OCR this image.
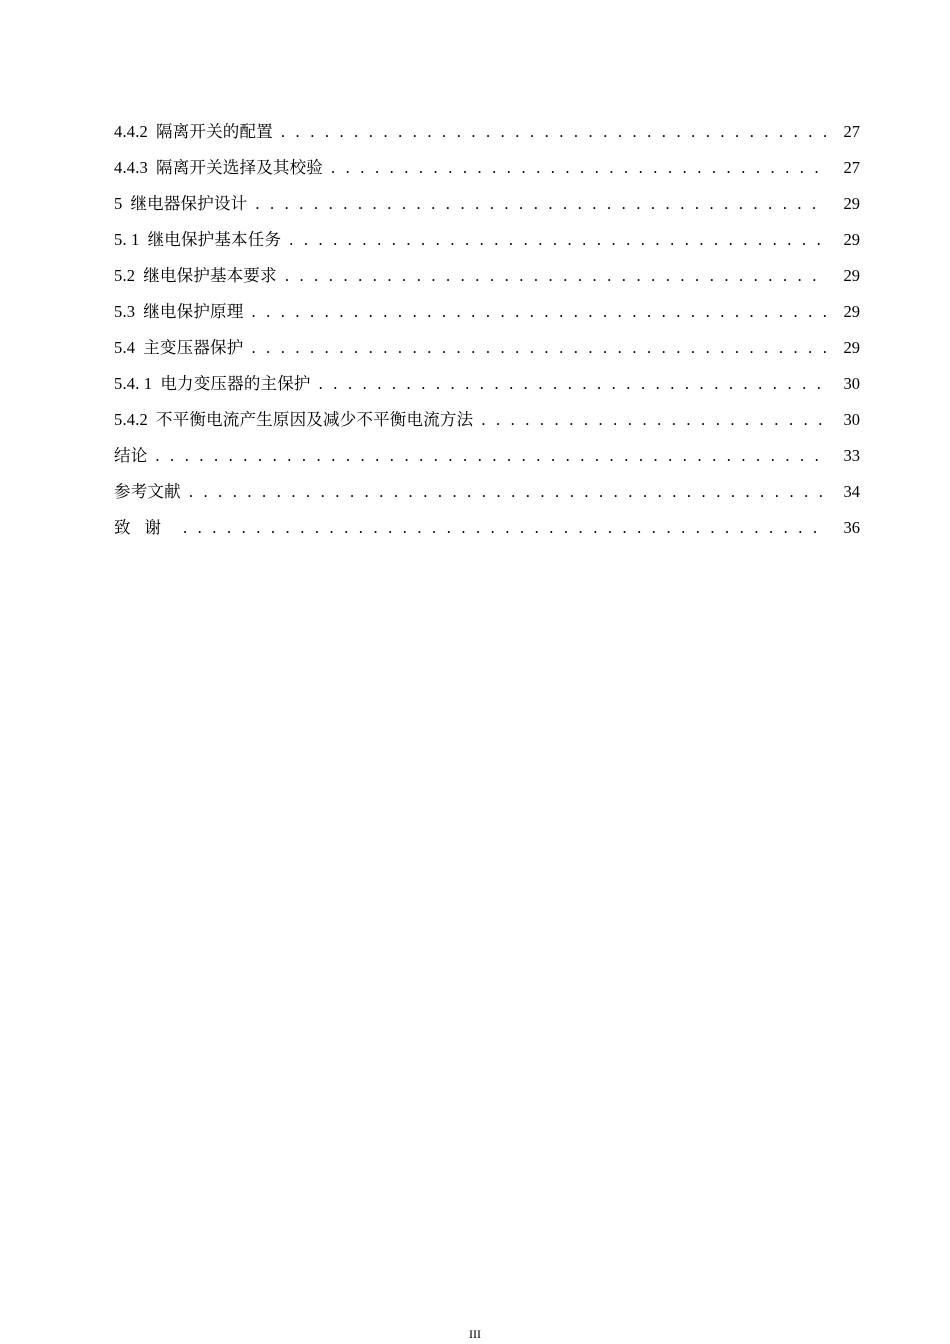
4.4.2 隔离开关的配置 . . .	27
4.4.3 隔离开关选择及其校验 . . .	27
5 继电器保护设计 . . .	29
5. 1 继电保护基本任务 . . .	29
5.2 继电保护基本要求 . . .	29
5.3 继电保护原理 . . .	29
5.4 主变压器保护 . . .	29
5.4. 1 电力变压器的主保护 . . .	30
5.4.2 不平衡电流产生原因及减少不平衡电流方法 . . .	30
结论 . . .	33
参考文献 . . .	34
致谢 . . .	36
III
